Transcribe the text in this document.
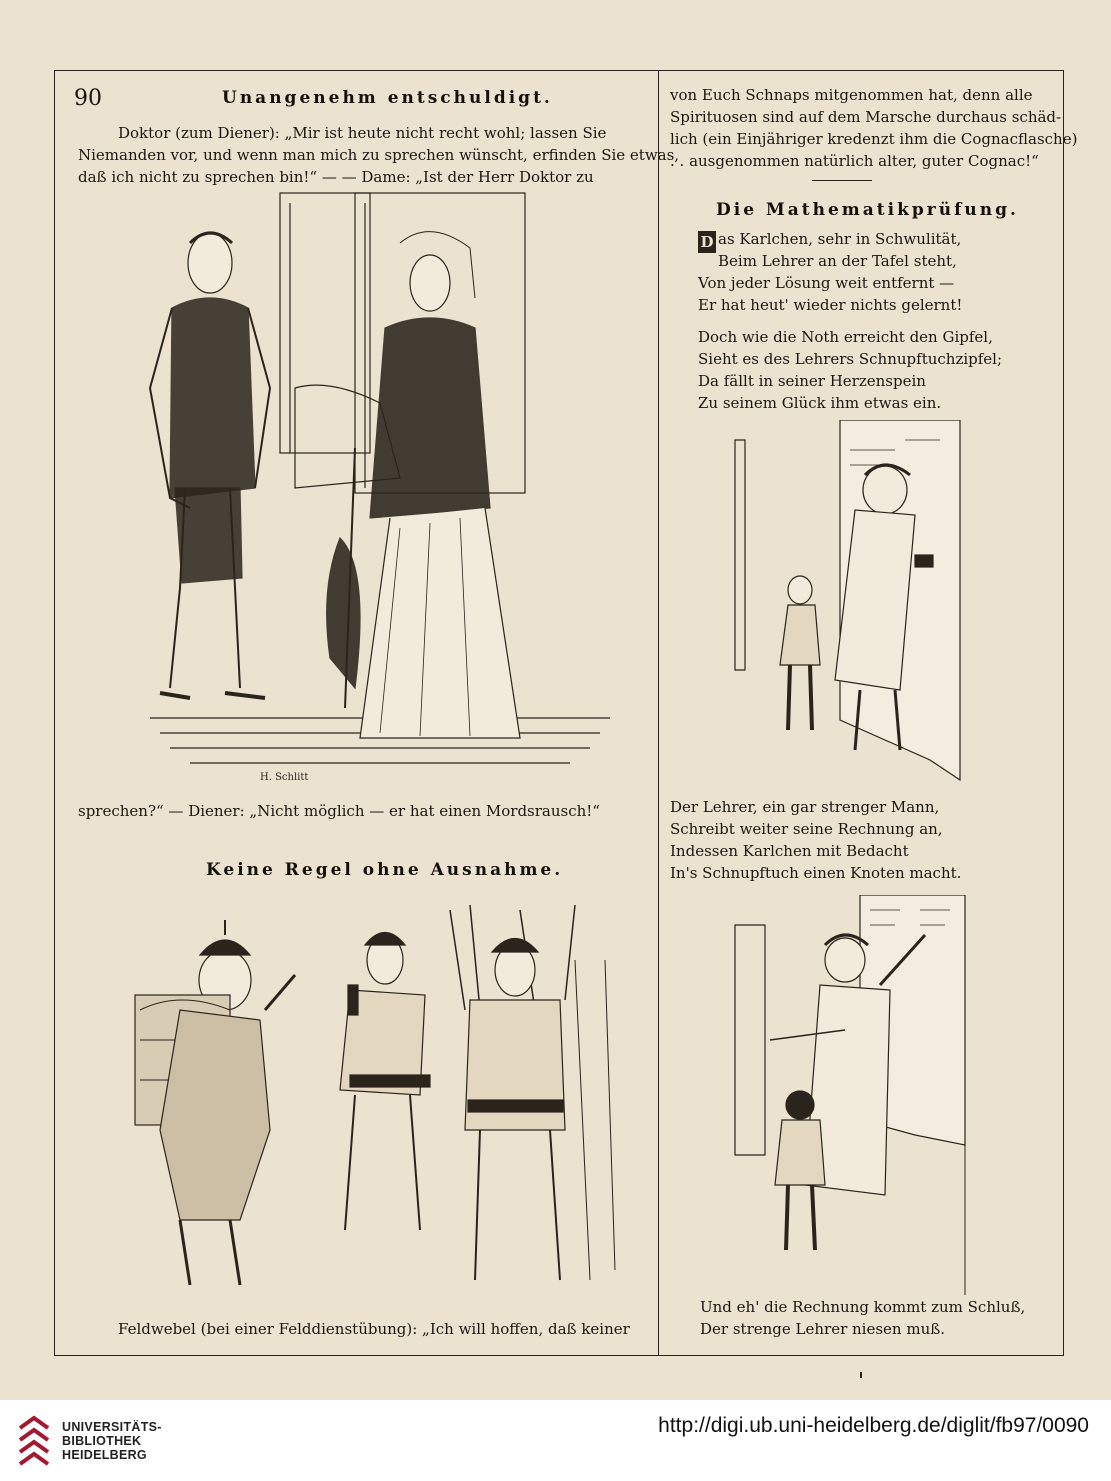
90	Unangenehm entschuldigt.
Doktor (zum Diener): „Mir ist heute nicht recht wohl; lassen Sie
Niemanden vor, und wenn man mich zu sprechen wünscht, erfinden Sie etwas,
daß ich nicht zu sprechen bin!“ — — Dame: „Ist der Herr Doktor zu
H. Schlitt
sprechen?“ — Diener: „Nicht möglich — er hat einen Mordsrausch!“
Keine Regel ohne Ausnahme.
Feldwebel (bei einer Felddienstübung): „Ich will hoffen, daß keiner
von Euch Schnaps mitgenommen hat, denn alle
Spirituosen sind auf dem Marsche durchaus schäd-
lich (ein Einjähriger kredenzt ihm die Cognacflasche)
. . ausgenommen natürlich alter, guter Cognac!“
Die Mathematikprüfung.
D as Karlchen, sehr in Schwulität,
Beim Lehrer an der Tafel steht,
Von jeder Lösung weit entfernt —
Er hat heut' wieder nichts gelernt!
Doch wie die Noth erreicht den Gipfel,
Sieht es des Lehrers Schnupftuchzipfel;
Da fällt in seiner Herzenspein
Zu seinem Glück ihm etwas ein.
Der Lehrer, ein gar strenger Mann,
Schreibt weiter seine Rechnung an,
Indessen Karlchen mit Bedacht
In's Schnupftuch einen Knoten macht.
Und eh' die Rechnung kommt zum Schluß,
Der strenge Lehrer niesen muß.
UNIVERSITÄTS-
BIBLIOTHEK
HEIDELBERG
http://digi.ub.uni-heidelberg.de/diglit/fb97/0090
